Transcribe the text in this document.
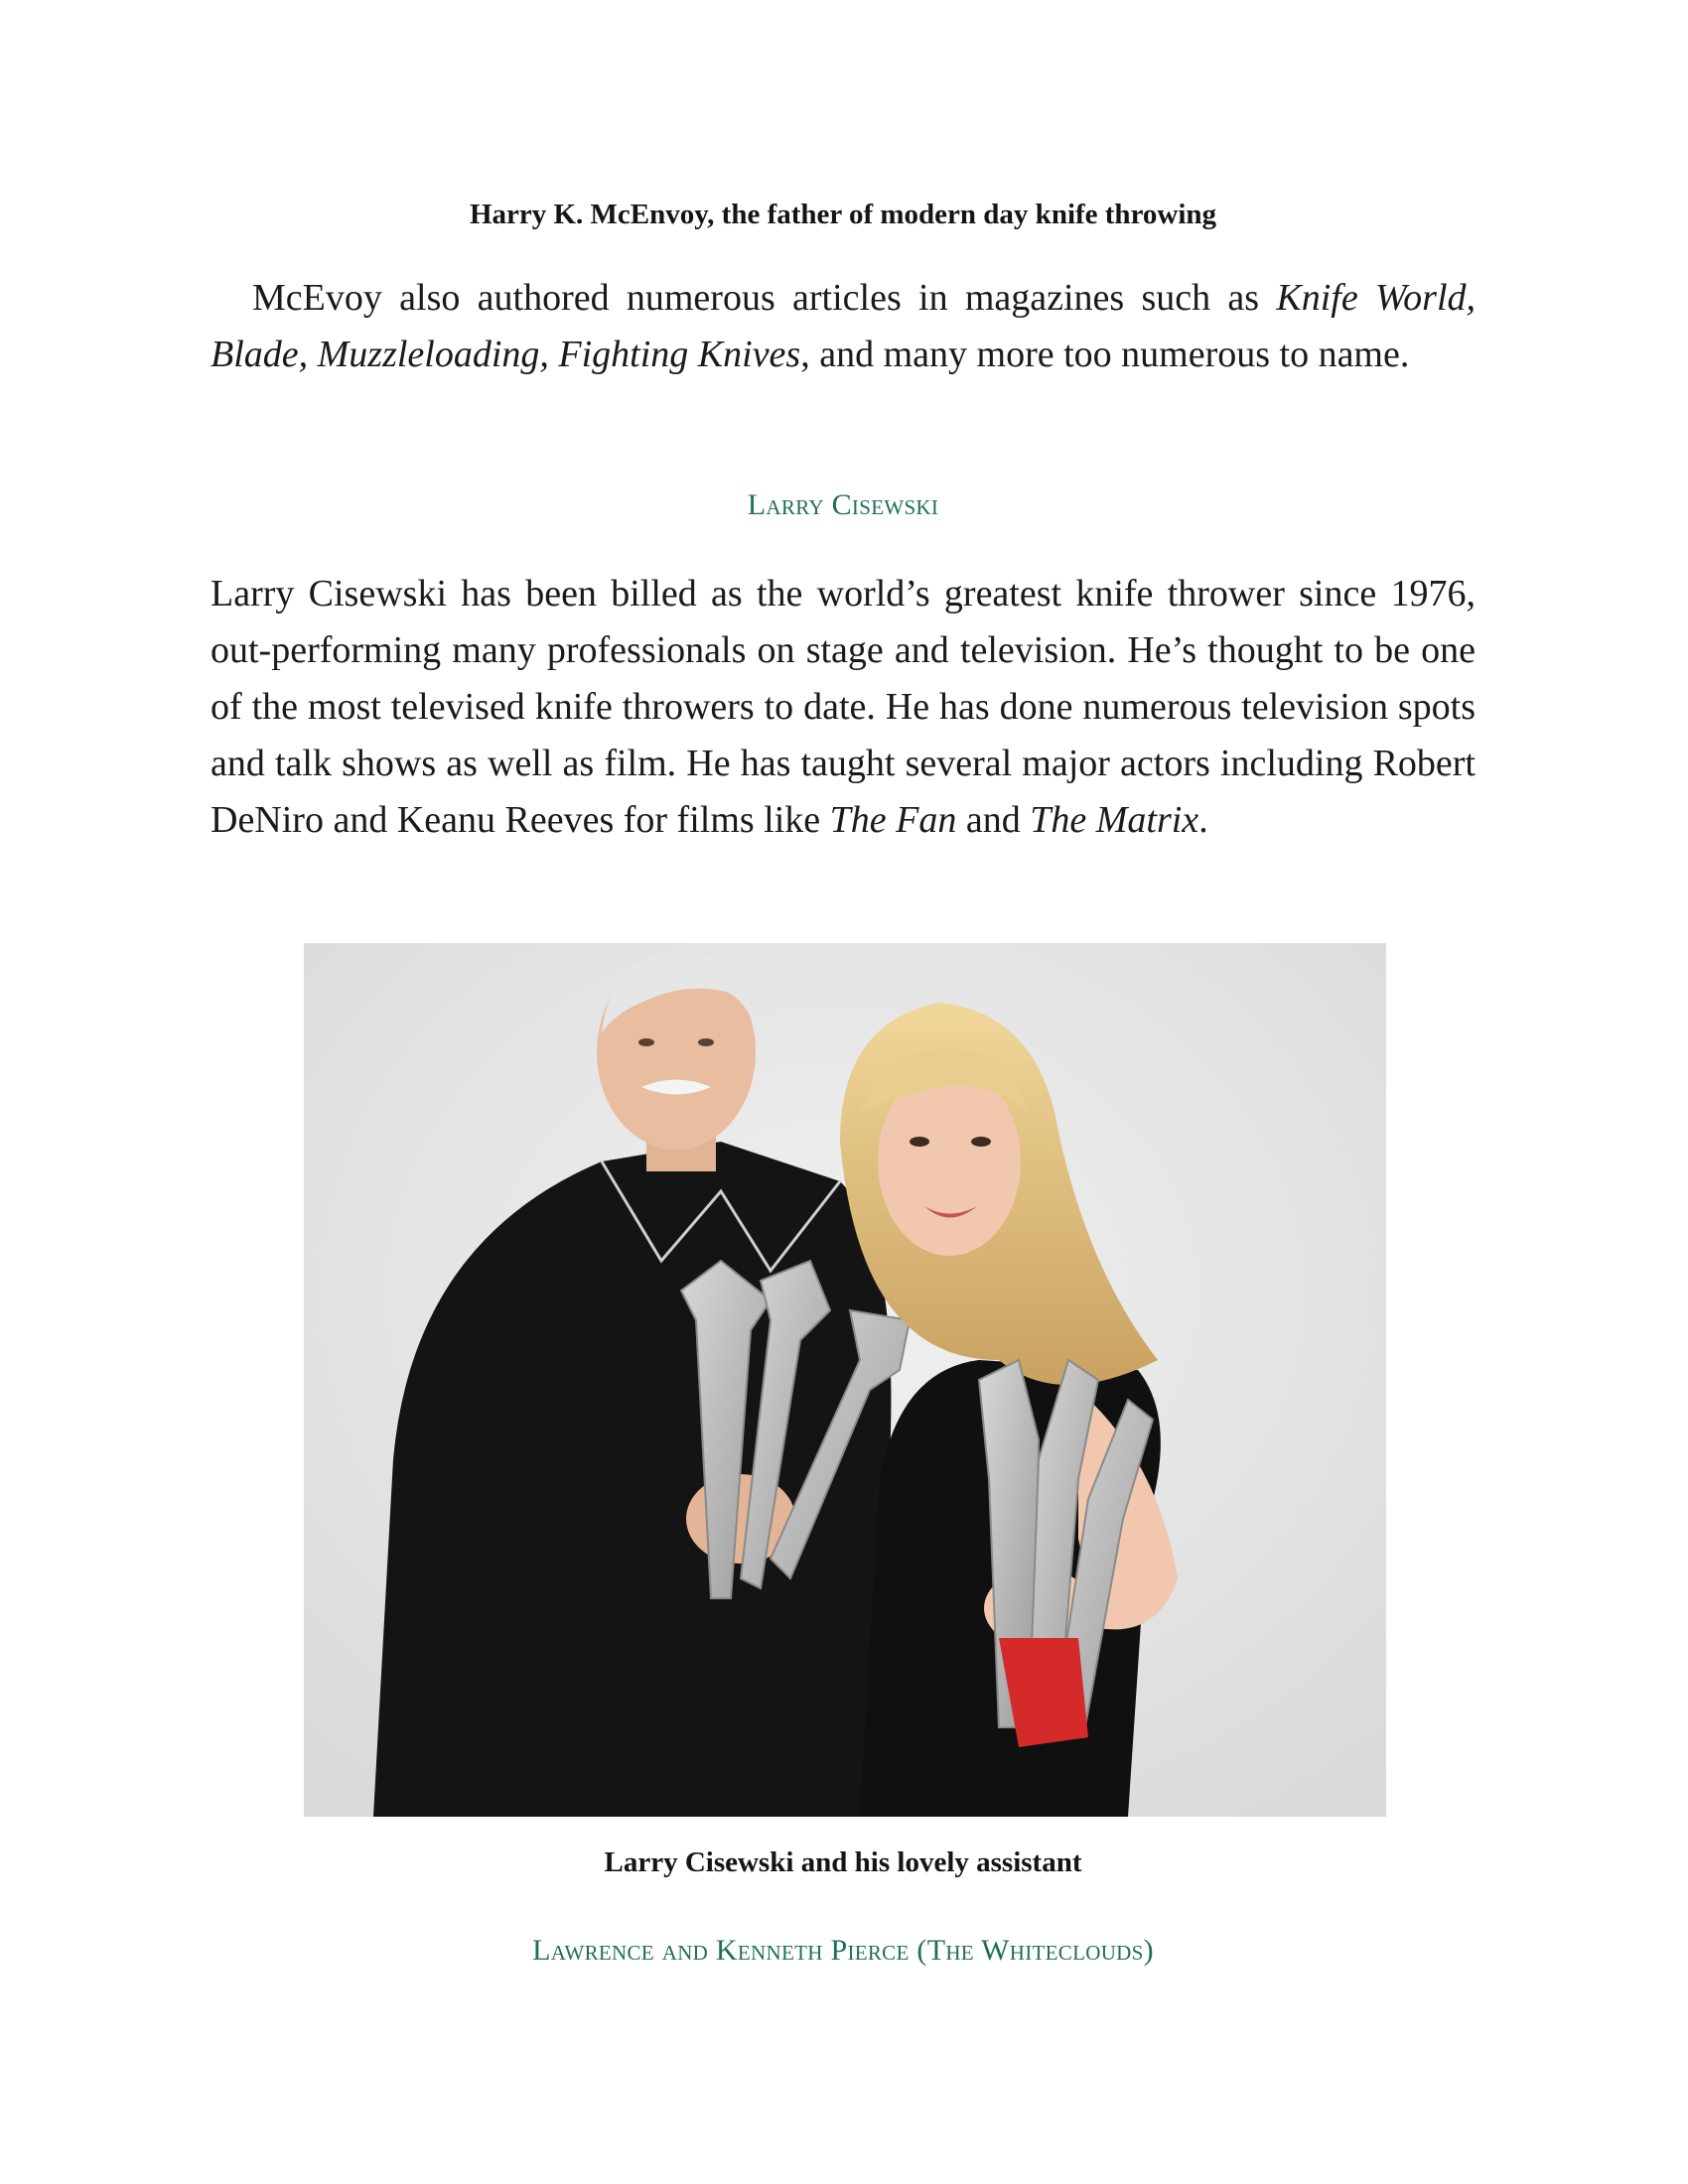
Harry K. McEnvoy, the father of modern day knife throwing

McEvoy also authored numerous articles in magazines such as Knife World, Blade, Muzzleloading, Fighting Knives, and many more too numerous to name.

Larry Cisewski

Larry Cisewski has been billed as the world’s greatest knife thrower since 1976, out-performing many professionals on stage and television. He’s thought to be one of the most televised knife throwers to date. He has done numerous television spots and talk shows as well as film. He has taught several major actors including Robert DeNiro and Keanu Reeves for films like The Fan and The Matrix.

Larry Cisewski and his lovely assistant
Lawrence and Kenneth Pierce (The Whiteclouds)
